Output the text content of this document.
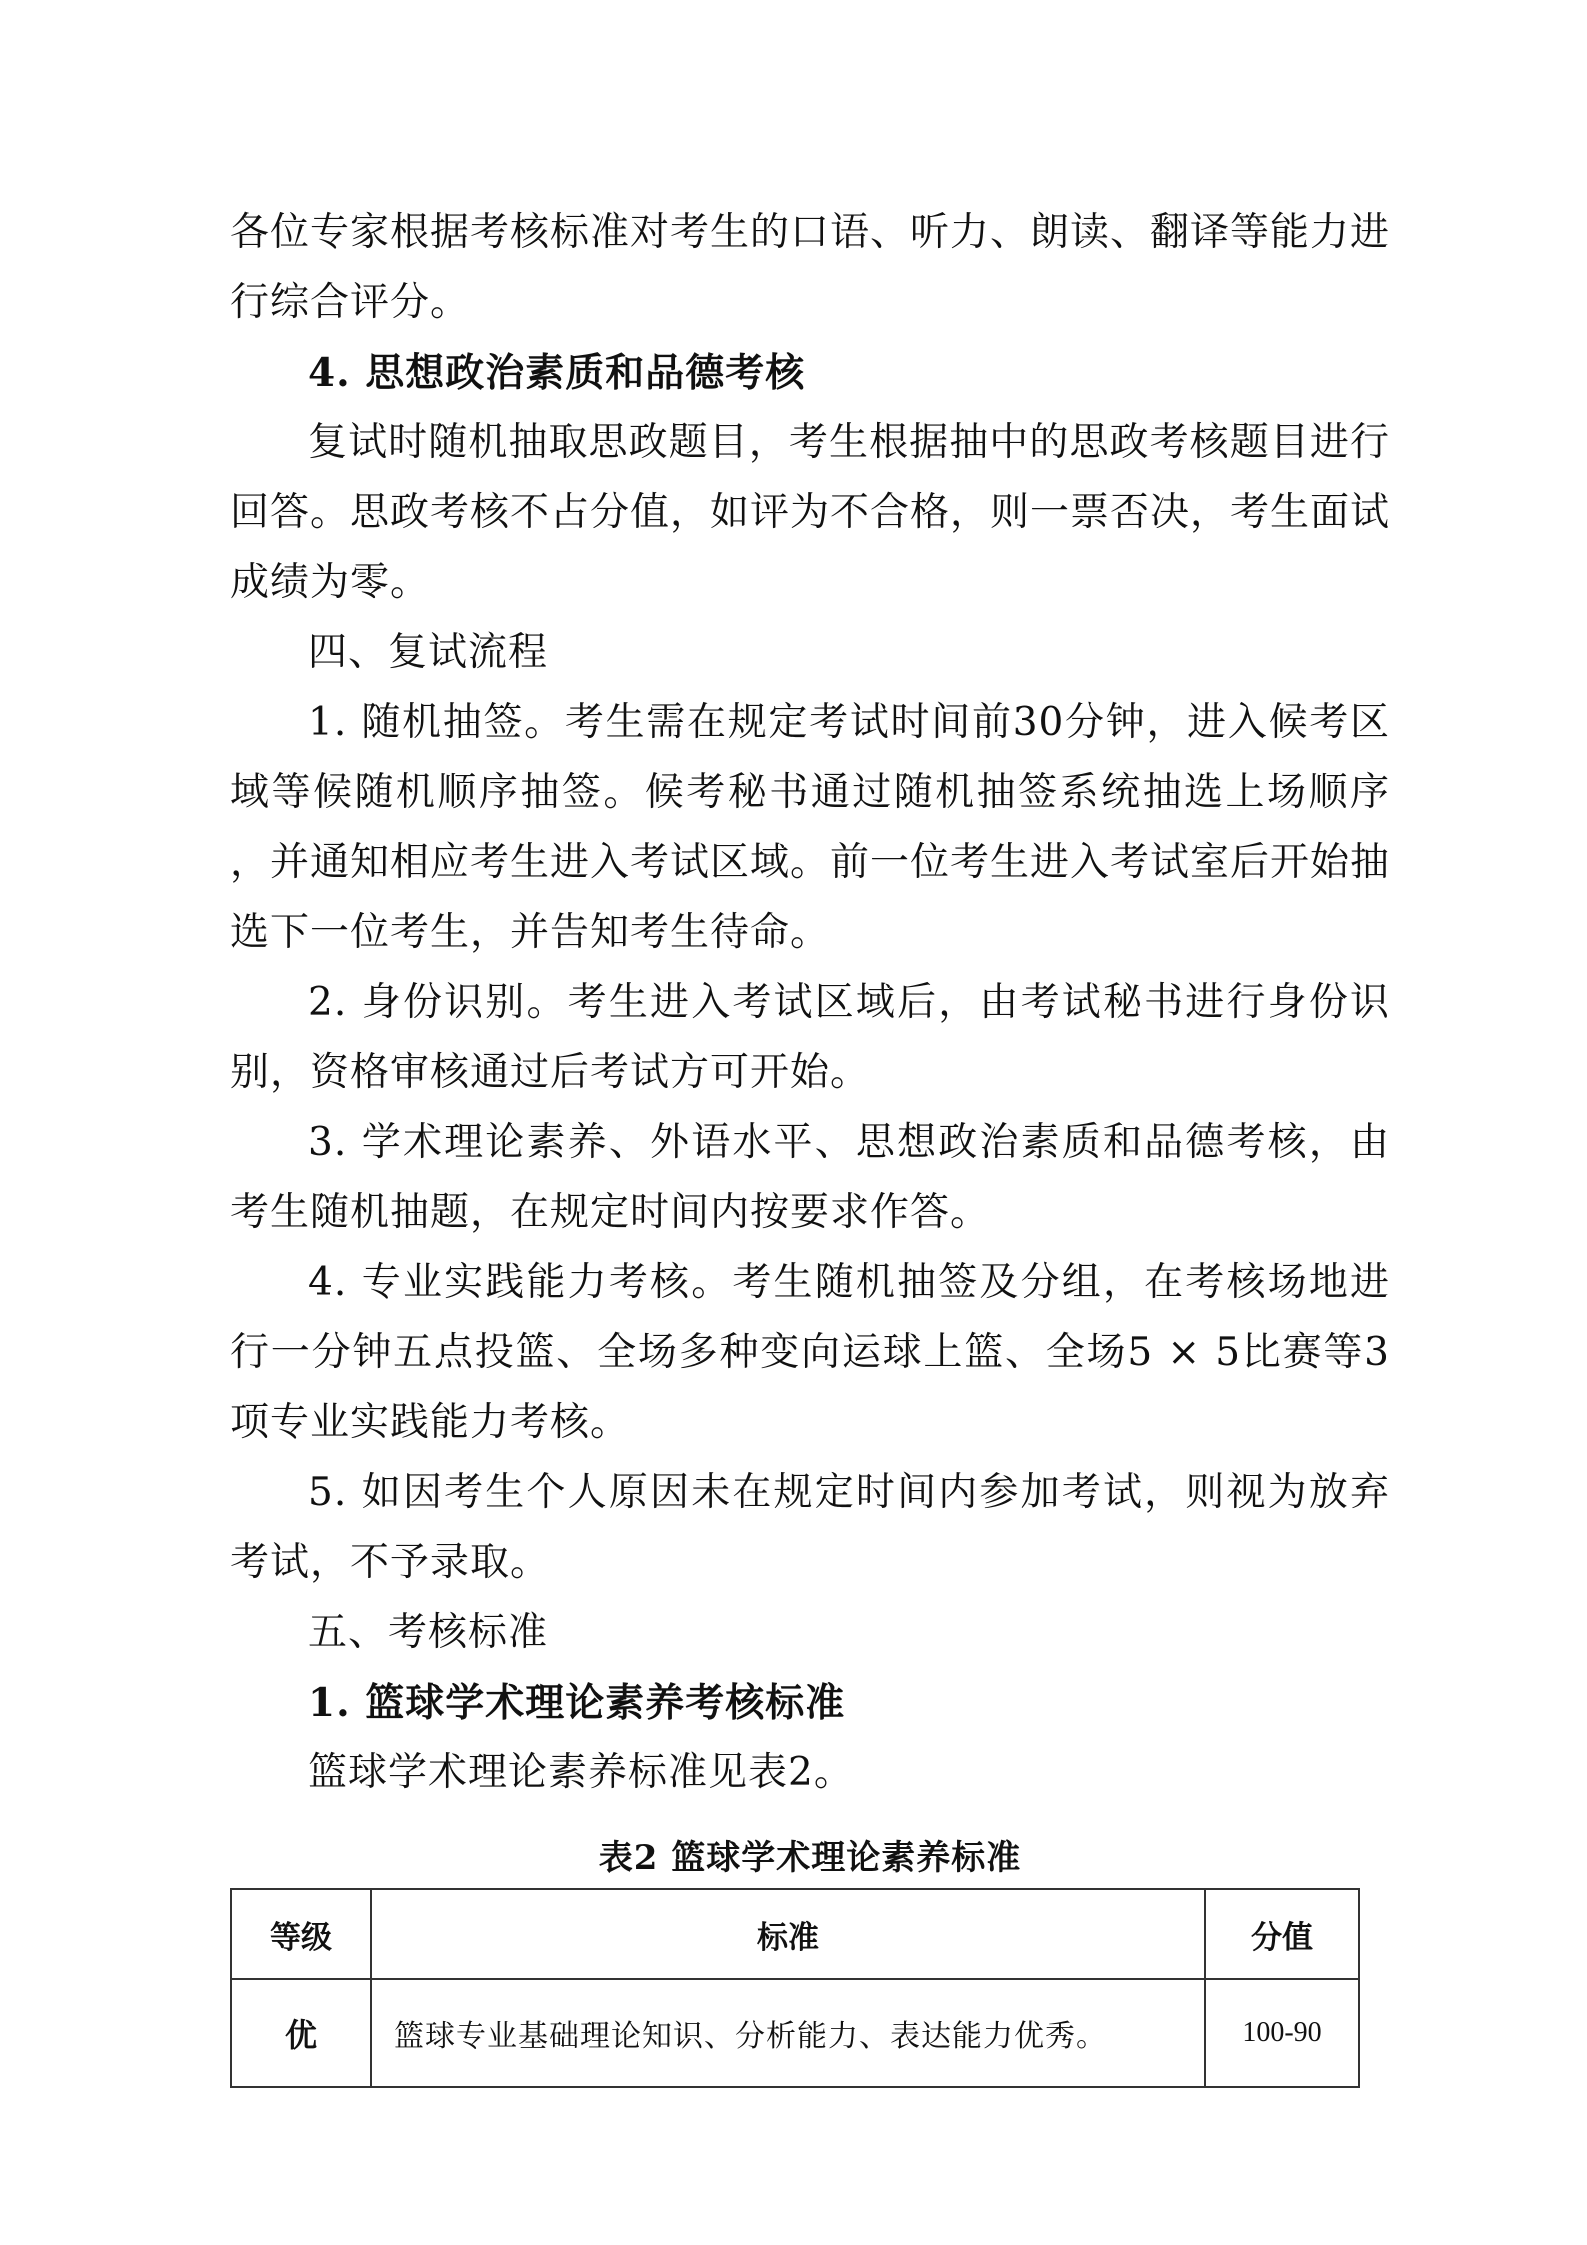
各位专家根据考核标准对考生的口语、听力、朗读、翻译等能力进行综合评分。

4. 思想政治素质和品德考核

复试时随机抽取思政题目，考生根据抽中的思政考核题目进行回答。思政考核不占分值，如评为不合格，则一票否决，考生面试成绩为零。

四、复试流程

1. 随机抽签。考生需在规定考试时间前30分钟，进入候考区域等候随机顺序抽签。候考秘书通过随机抽签系统抽选上场顺序 ，并通知相应考生进入考试区域。前一位考生进入考试室后开始抽选下一位考生，并告知考生待命。

2. 身份识别。考生进入考试区域后，由考试秘书进行身份识别，资格审核通过后考试方可开始。

3. 学术理论素养、外语水平、思想政治素质和品德考核，由考生随机抽题，在规定时间内按要求作答。

4. 专业实践能力考核。考生随机抽签及分组，在考核场地进行一分钟五点投篮、全场多种变向运球上篮、全场5 × 5比赛等3项专业实践能力考核。

5. 如因考生个人原因未在规定时间内参加考试，则视为放弃考试，不予录取。

五、考核标准

1. 篮球学术理论素养考核标准

篮球学术理论素养标准见表2。

表2 篮球学术理论素养标准
等级	标准	分值
优	篮球专业基础理论知识、分析能力、表达能力优秀。	100-90
